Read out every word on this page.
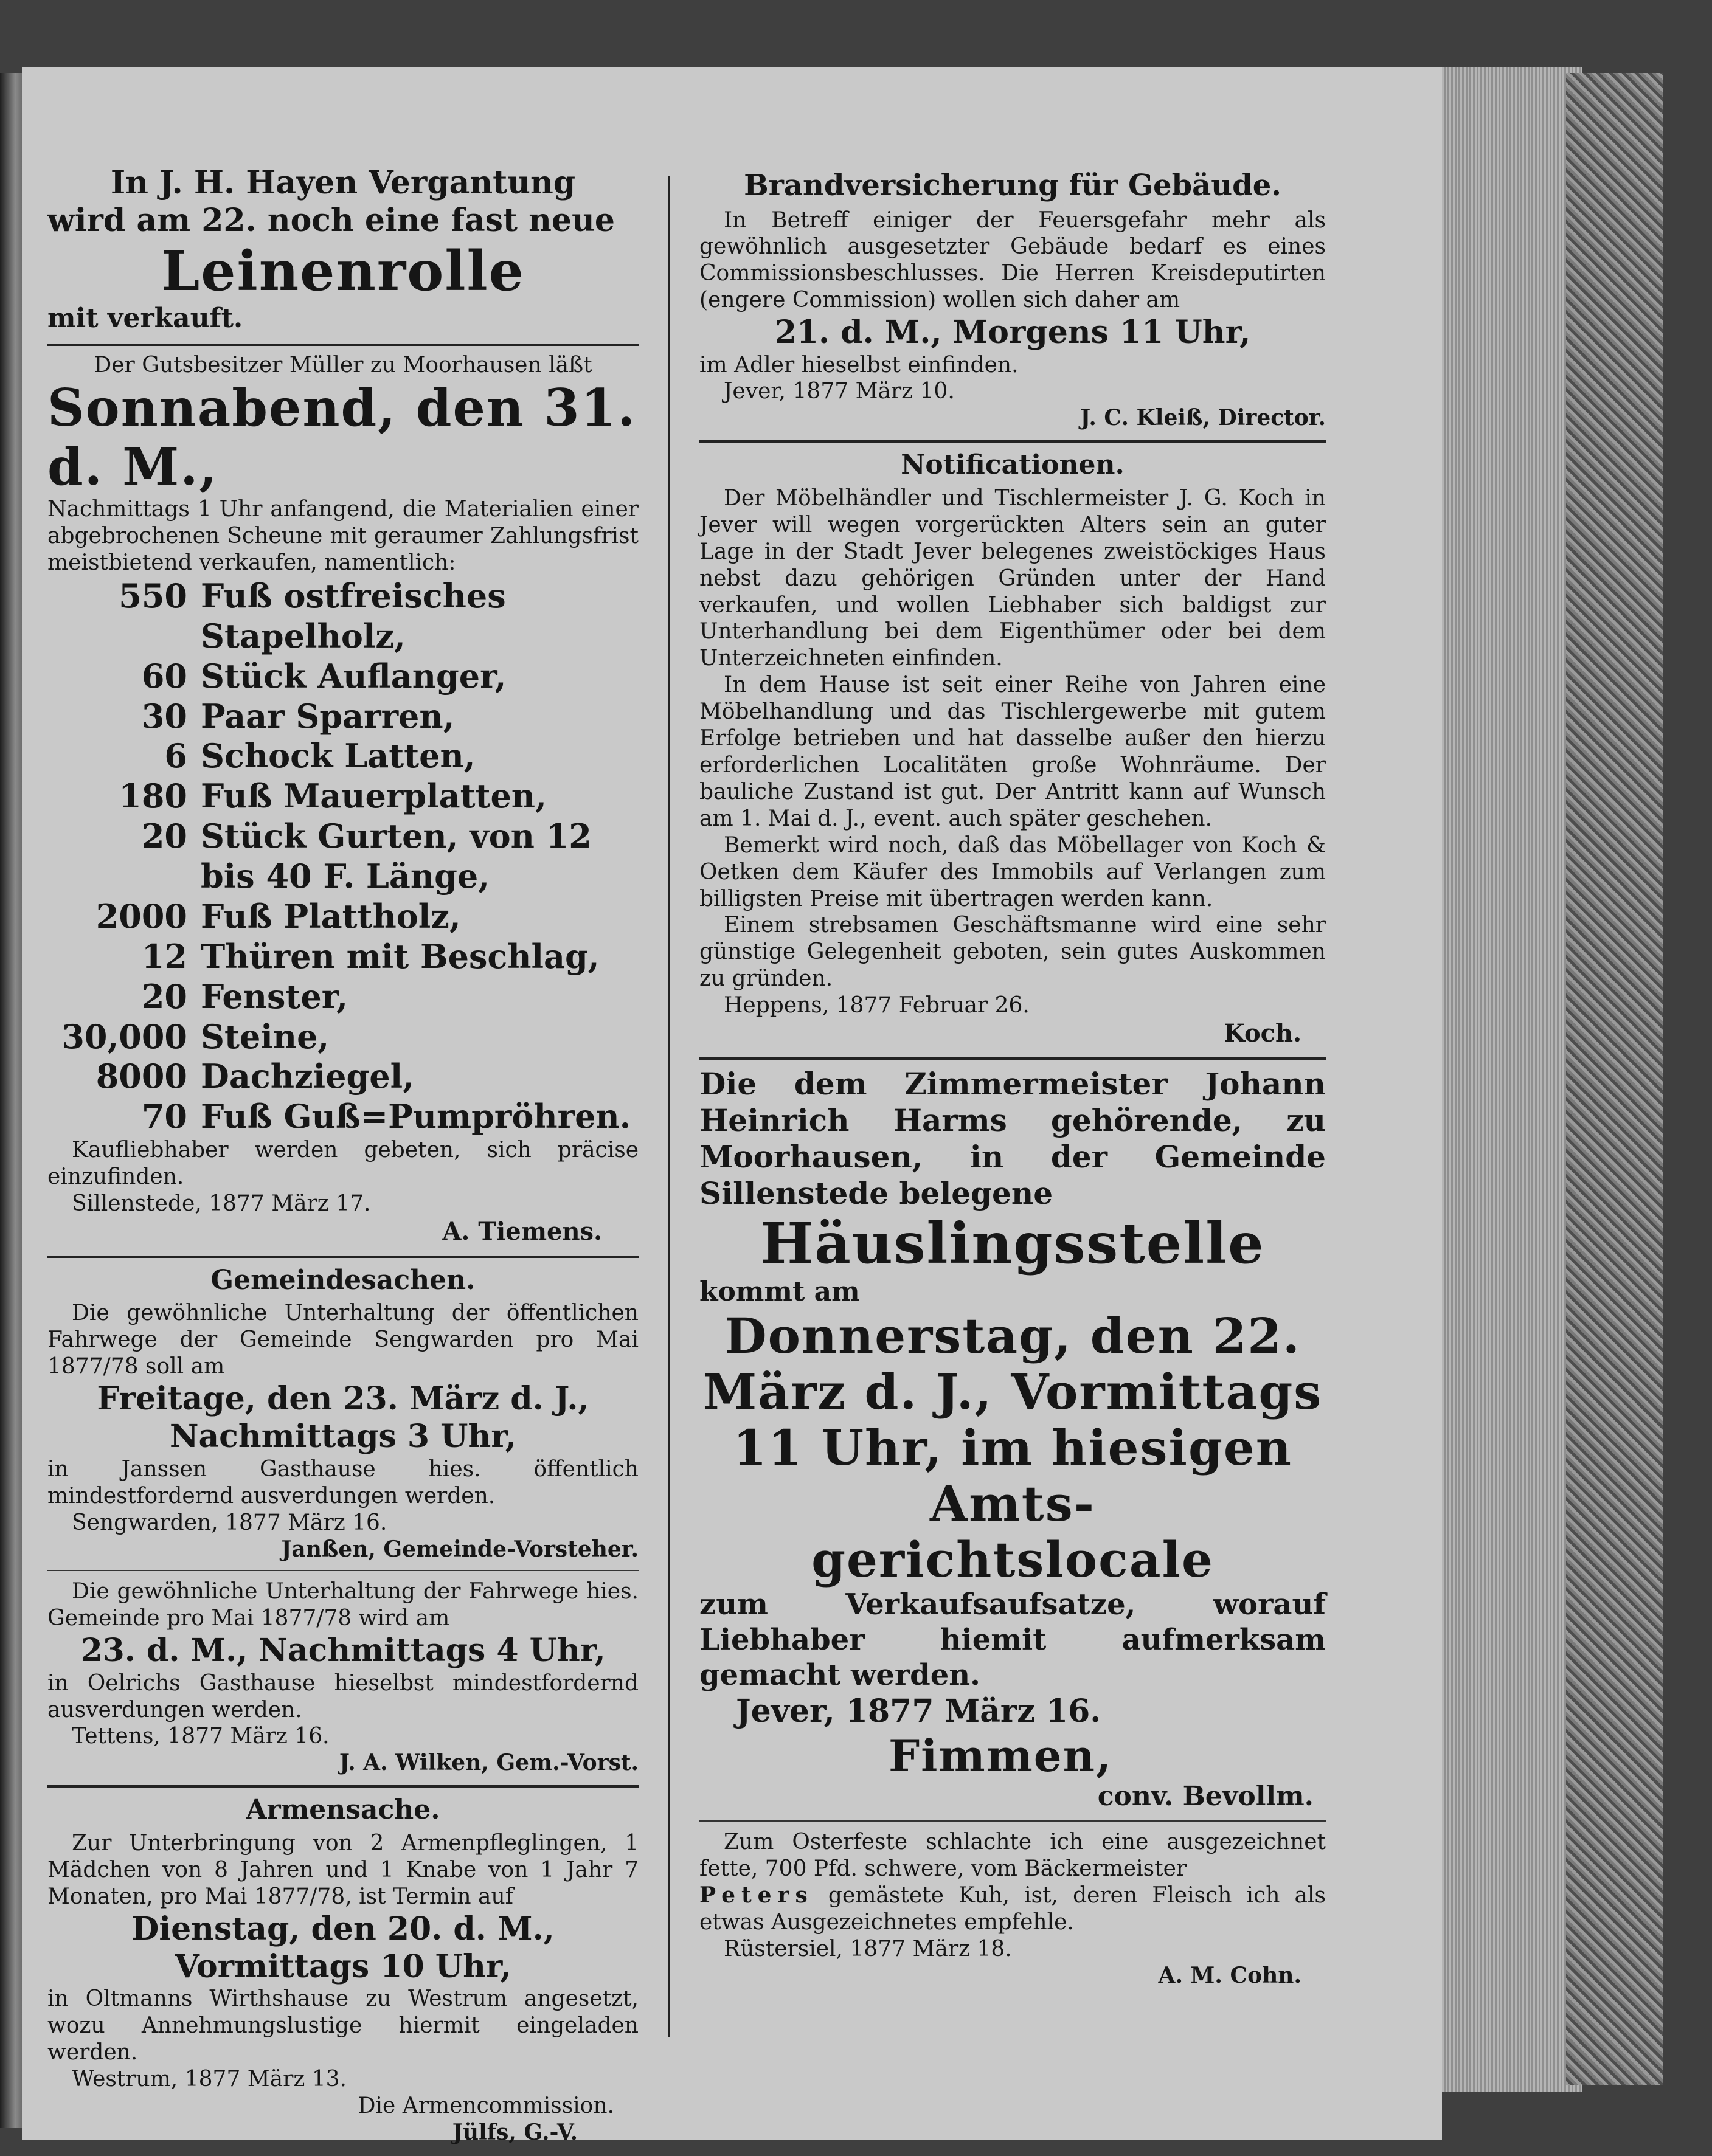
In J. H. Hayen Vergantung

wird am 22. noch eine fast neue

Leinenrolle

mit verkauft.

Der Gutsbesitzer Müller zu Moorhausen läßt

Sonnabend, den 31. d. M.,

Nachmittags 1 Uhr anfangend, die Materialien einer abgebrochenen Scheune mit geraumer Zahlungsfrist meistbietend verkaufen, namentlich:

550	Fuß ostfreisches Stapelholz,
60	Stück Auflanger,
30	Paar Sparren,
6	Schock Latten,
180	Fuß Mauerplatten,
20	Stück Gurten, von 12 bis 40 F. Länge,
2000	Fuß Plattholz,
12	Thüren mit Beschlag,
20	Fenster,
30,000	Steine,
8000	Dachziegel,
70	Fuß Guß=Pumpröhren.

Kaufliebhaber werden gebeten, sich präcise einzufinden.

Sillenstede, 1877 März 17.

A. Tiemens.

Gemeindesachen.

Die gewöhnliche Unterhaltung der öffentlichen Fahrwege der Gemeinde Sengwarden pro Mai 1877/78 soll am

Freitage, den 23. März d. J.,

Nachmittags 3 Uhr,

in Janssen Gasthause hies. öffentlich mindestfordernd ausverdungen werden.

Sengwarden, 1877 März 16.

Janßen, Gemeinde-Vorsteher.

Die gewöhnliche Unterhaltung der Fahrwege hies. Gemeinde pro Mai 1877/78 wird am

23. d. M., Nachmittags 4 Uhr,

in Oelrichs Gasthause hieselbst mindestfordernd ausverdungen werden.

Tettens, 1877 März 16.

J. A. Wilken, Gem.-Vorst.

Armensache.

Zur Unterbringung von 2 Armenpfleglingen, 1 Mädchen von 8 Jahren und 1 Knabe von 1 Jahr 7 Monaten, pro Mai 1877/78, ist Termin auf

Dienstag, den 20. d. M.,

Vormittags 10 Uhr,

in Oltmanns Wirthshause zu Westrum angesetzt, wozu Annehmungslustige hiermit eingeladen werden.

Westrum, 1877 März 13.

Die Armencommission.

Jülfs, G.-V.

Brandversicherung für Gebäude.

In Betreff einiger der Feuersgefahr mehr als gewöhnlich ausgesetzter Gebäude bedarf es eines Commissionsbeschlusses. Die Herren Kreisdeputirten (engere Commission) wollen sich daher am

21. d. M., Morgens 11 Uhr,

im Adler hieselbst einfinden.

Jever, 1877 März 10.

J. C. Kleiß, Director.

Notificationen.

Der Möbelhändler und Tischlermeister J. G. Koch in Jever will wegen vorgerückten Alters sein an guter Lage in der Stadt Jever belegenes zweistöckiges Haus nebst dazu gehörigen Gründen unter der Hand verkaufen, und wollen Liebhaber sich baldigst zur Unterhandlung bei dem Eigenthümer oder bei dem Unterzeichneten einfinden.

In dem Hause ist seit einer Reihe von Jahren eine Möbelhandlung und das Tischlergewerbe mit gutem Erfolge betrieben und hat dasselbe außer den hierzu erforderlichen Localitäten große Wohnräume. Der bauliche Zustand ist gut. Der Antritt kann auf Wunsch am 1. Mai d. J., event. auch später geschehen.

Bemerkt wird noch, daß das Möbellager von Koch & Oetken dem Käufer des Immobils auf Verlangen zum billigsten Preise mit übertragen werden kann.

Einem strebsamen Geschäftsmanne wird eine sehr günstige Gelegenheit geboten, sein gutes Auskommen zu gründen.

Heppens, 1877 Februar 26.

Koch.

Die dem Zimmermeister Johann Heinrich Harms gehörende, zu Moorhausen, in der Gemeinde Sillenstede belegene

Häuslingsstelle

kommt am

Donnerstag, den 22.

März d. J., Vormittags

11 Uhr, im hiesigen Amts-

gerichtslocale

zum Verkaufsaufsatze, worauf Liebhaber hiemit aufmerksam gemacht werden.

Jever, 1877 März 16.

Fimmen,

conv. Bevollm.

Zum Osterfeste schlachte ich eine ausgezeichnet fette, 700 Pfd. schwere, vom Bäckermeister

Peters gemästete Kuh, ist, deren Fleisch ich als etwas Ausgezeichnetes empfehle.

Rüstersiel, 1877 März 18.

A. M. Cohn.
